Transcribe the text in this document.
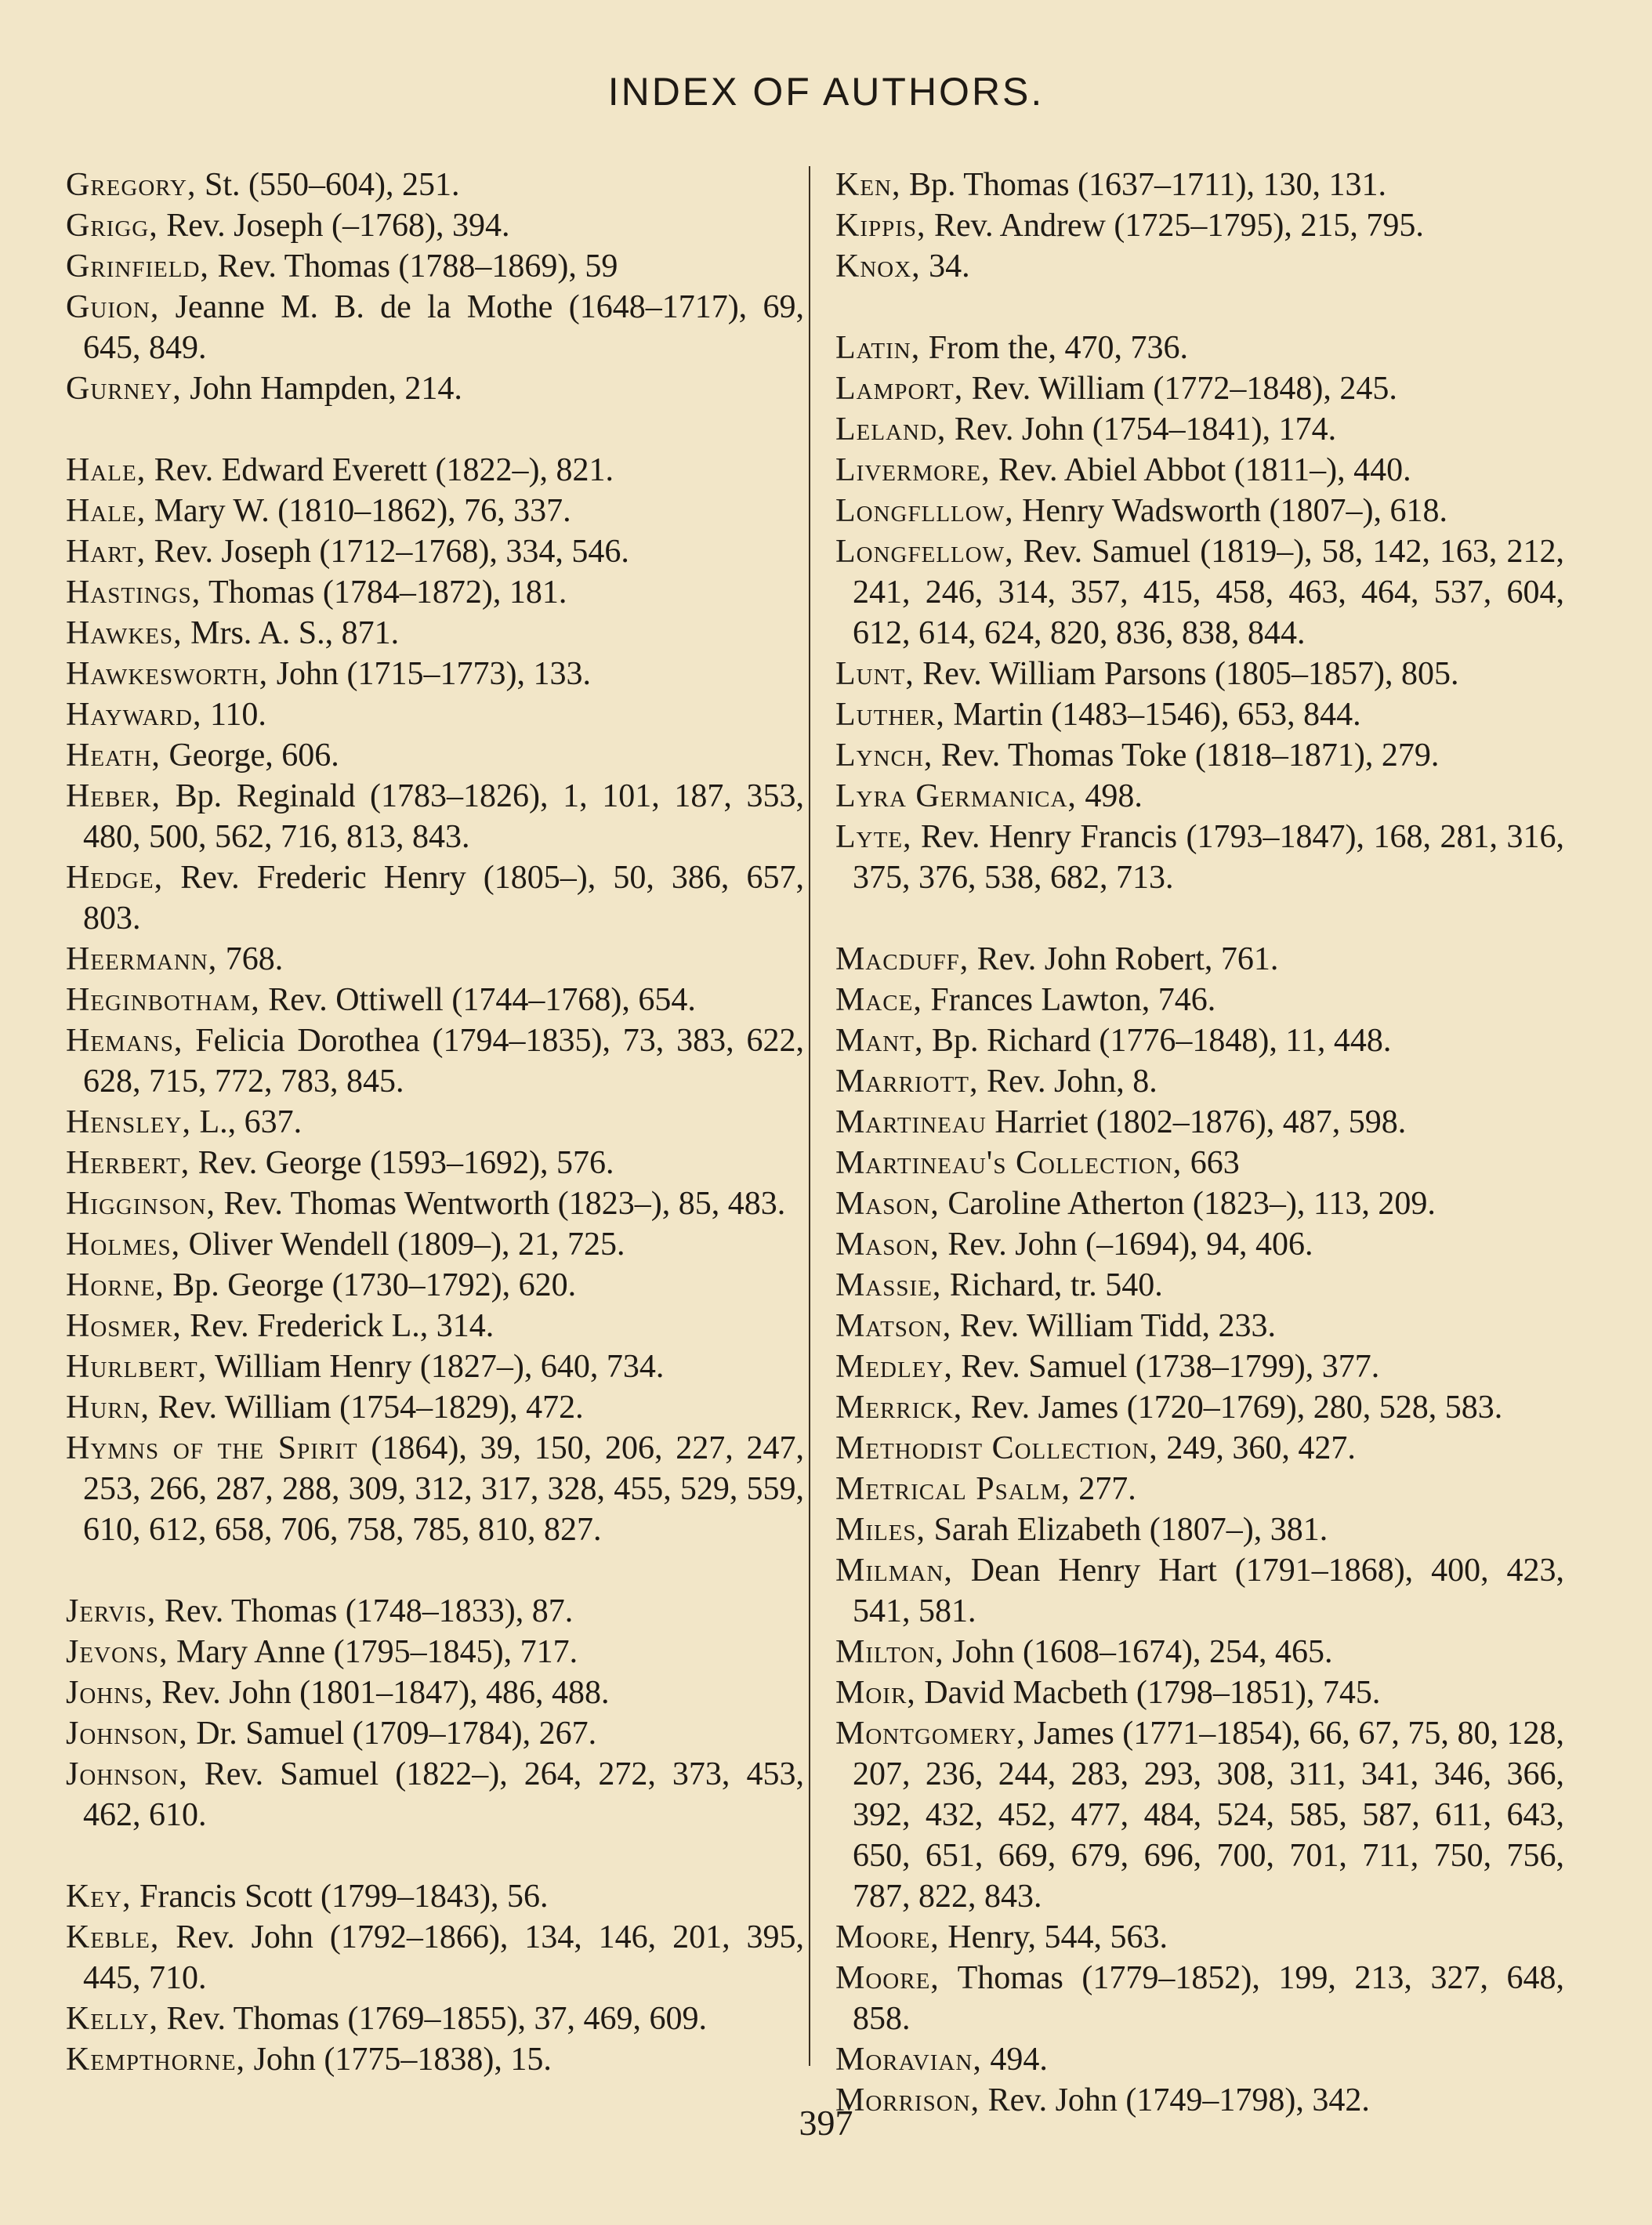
INDEX OF AUTHORS.
Gregory, St. (550–604), 251.
Grigg, Rev. Joseph (–1768), 394.
Grinfield, Rev. Thomas (1788–1869), 59
Guion, Jeanne M. B. de la Mothe (1648–1717), 69, 645, 849.
Gurney, John Hampden, 214.
Hale, Rev. Edward Everett (1822–), 821.
Hale, Mary W. (1810–1862), 76, 337.
Hart, Rev. Joseph (1712–1768), 334, 546.
Hastings, Thomas (1784–1872), 181.
Hawkes, Mrs. A. S., 871.
Hawkesworth, John (1715–1773), 133.
Hayward, 110.
Heath, George, 606.
Heber, Bp. Reginald (1783–1826), 1, 101, 187, 353, 480, 500, 562, 716, 813, 843.
Hedge, Rev. Frederic Henry (1805–), 50, 386, 657, 803.
Heermann, 768.
Heginbotham, Rev. Ottiwell (1744–1768), 654.
Hemans, Felicia Dorothea (1794–1835), 73, 383, 622, 628, 715, 772, 783, 845.
Hensley, L., 637.
Herbert, Rev. George (1593–1692), 576.
Higginson, Rev. Thomas Wentworth (1823–), 85, 483.
Holmes, Oliver Wendell (1809–), 21, 725.
Horne, Bp. George (1730–1792), 620.
Hosmer, Rev. Frederick L., 314.
Hurlbert, William Henry (1827–), 640, 734.
Hurn, Rev. William (1754–1829), 472.
Hymns of the Spirit (1864), 39, 150, 206, 227, 247, 253, 266, 287, 288, 309, 312, 317, 328, 455, 529, 559, 610, 612, 658, 706, 758, 785, 810, 827.
Jervis, Rev. Thomas (1748–1833), 87.
Jevons, Mary Anne (1795–1845), 717.
Johns, Rev. John (1801–1847), 486, 488.
Johnson, Dr. Samuel (1709–1784), 267.
Johnson, Rev. Samuel (1822–), 264, 272, 373, 453, 462, 610.
Key, Francis Scott (1799–1843), 56.
Keble, Rev. John (1792–1866), 134, 146, 201, 395, 445, 710.
Kelly, Rev. Thomas (1769–1855), 37, 469, 609.
Kempthorne, John (1775–1838), 15.
Ken, Bp. Thomas (1637–1711), 130, 131.
Kippis, Rev. Andrew (1725–1795), 215, 795.
Knox, 34.
Latin, From the, 470, 736.
Lamport, Rev. William (1772–1848), 245.
Leland, Rev. John (1754–1841), 174.
Livermore, Rev. Abiel Abbot (1811–), 440.
Longflllow, Henry Wadsworth (1807–), 618.
Longfellow, Rev. Samuel (1819–), 58, 142, 163, 212, 241, 246, 314, 357, 415, 458, 463, 464, 537, 604, 612, 614, 624, 820, 836, 838, 844.
Lunt, Rev. William Parsons (1805–1857), 805.
Luther, Martin (1483–1546), 653, 844.
Lynch, Rev. Thomas Toke (1818–1871), 279.
Lyra Germanica, 498.
Lyte, Rev. Henry Francis (1793–1847), 168, 281, 316, 375, 376, 538, 682, 713.
Macduff, Rev. John Robert, 761.
Mace, Frances Lawton, 746.
Mant, Bp. Richard (1776–1848), 11, 448.
Marriott, Rev. John, 8.
Martineau Harriet (1802–1876), 487, 598.
Martineau's Collection, 663
Mason, Caroline Atherton (1823–), 113, 209.
Mason, Rev. John (–1694), 94, 406.
Massie, Richard, tr. 540.
Matson, Rev. William Tidd, 233.
Medley, Rev. Samuel (1738–1799), 377.
Merrick, Rev. James (1720–1769), 280, 528, 583.
Methodist Collection, 249, 360, 427.
Metrical Psalm, 277.
Miles, Sarah Elizabeth (1807–), 381.
Milman, Dean Henry Hart (1791–1868), 400, 423, 541, 581.
Milton, John (1608–1674), 254, 465.
Moir, David Macbeth (1798–1851), 745.
Montgomery, James (1771–1854), 66, 67, 75, 80, 128, 207, 236, 244, 283, 293, 308, 311, 341, 346, 366, 392, 432, 452, 477, 484, 524, 585, 587, 611, 643, 650, 651, 669, 679, 696, 700, 701, 711, 750, 756, 787, 822, 843.
Moore, Henry, 544, 563.
Moore, Thomas (1779–1852), 199, 213, 327, 648, 858.
Moravian, 494.
Morrison, Rev. John (1749–1798), 342.
397
